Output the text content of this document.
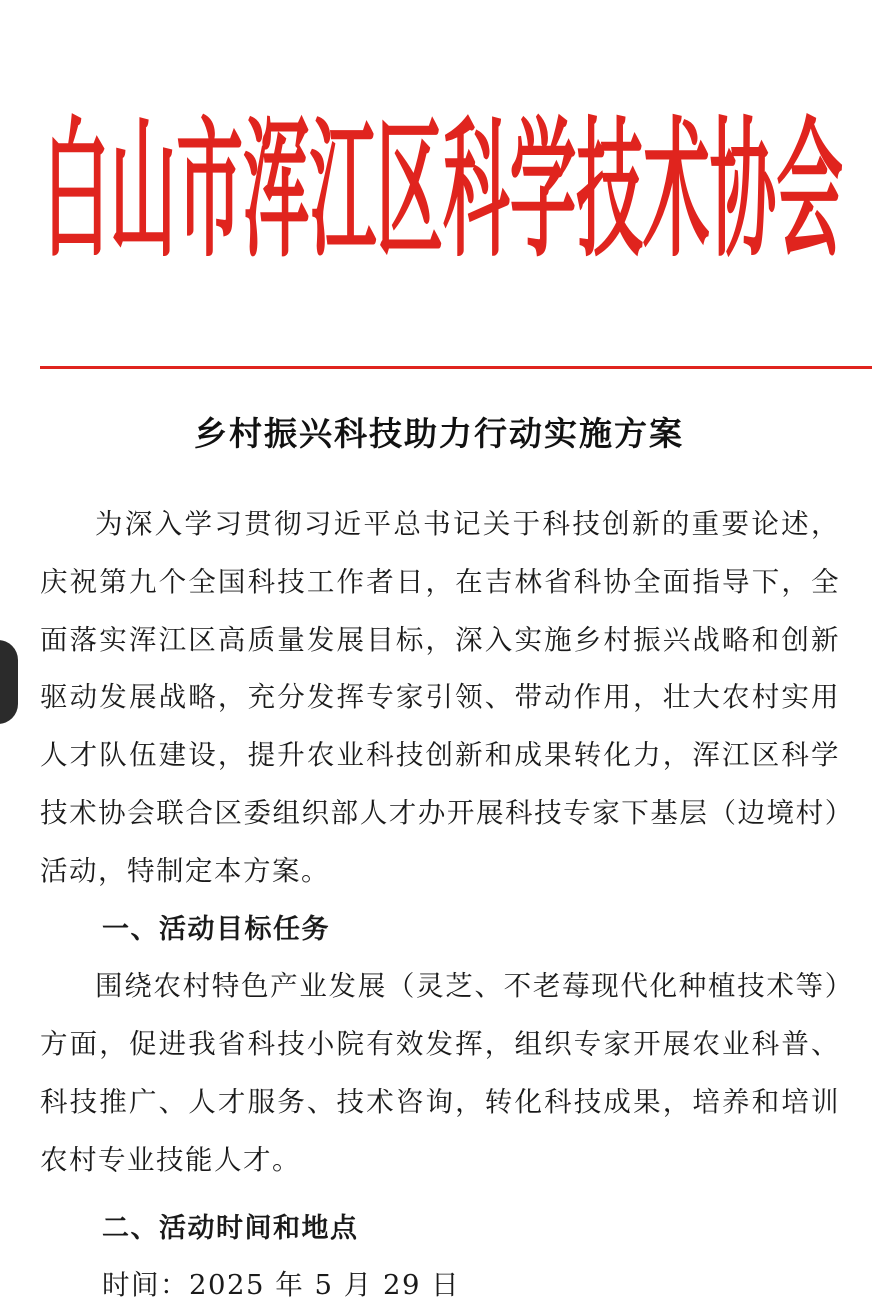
白山市浑江区科学技术协会
乡村振兴科技助力行动实施方案

为深入学习贯彻习近平总书记关于科技创新的重要论述，庆祝第九个全国科技工作者日，在吉林省科协全面指导下，全面落实浑江区高质量发展目标，深入实施乡村振兴战略和创新驱动发展战略，充分发挥专家引领、带动作用，壮大农村实用人才队伍建设，提升农业科技创新和成果转化力，浑江区科学技术协会联合区委组织部人才办开展科技专家下基层（边境村）活动，特制定本方案。

一、活动目标任务

围绕农村特色产业发展（灵芝、不老莓现代化种植技术等）方面，促进我省科技小院有效发挥，组织专家开展农业科普、科技推广、人才服务、技术咨询，转化科技成果，培养和培训农村专业技能人才。

二、活动时间和地点

时间：2025 年 5 月 29 日
